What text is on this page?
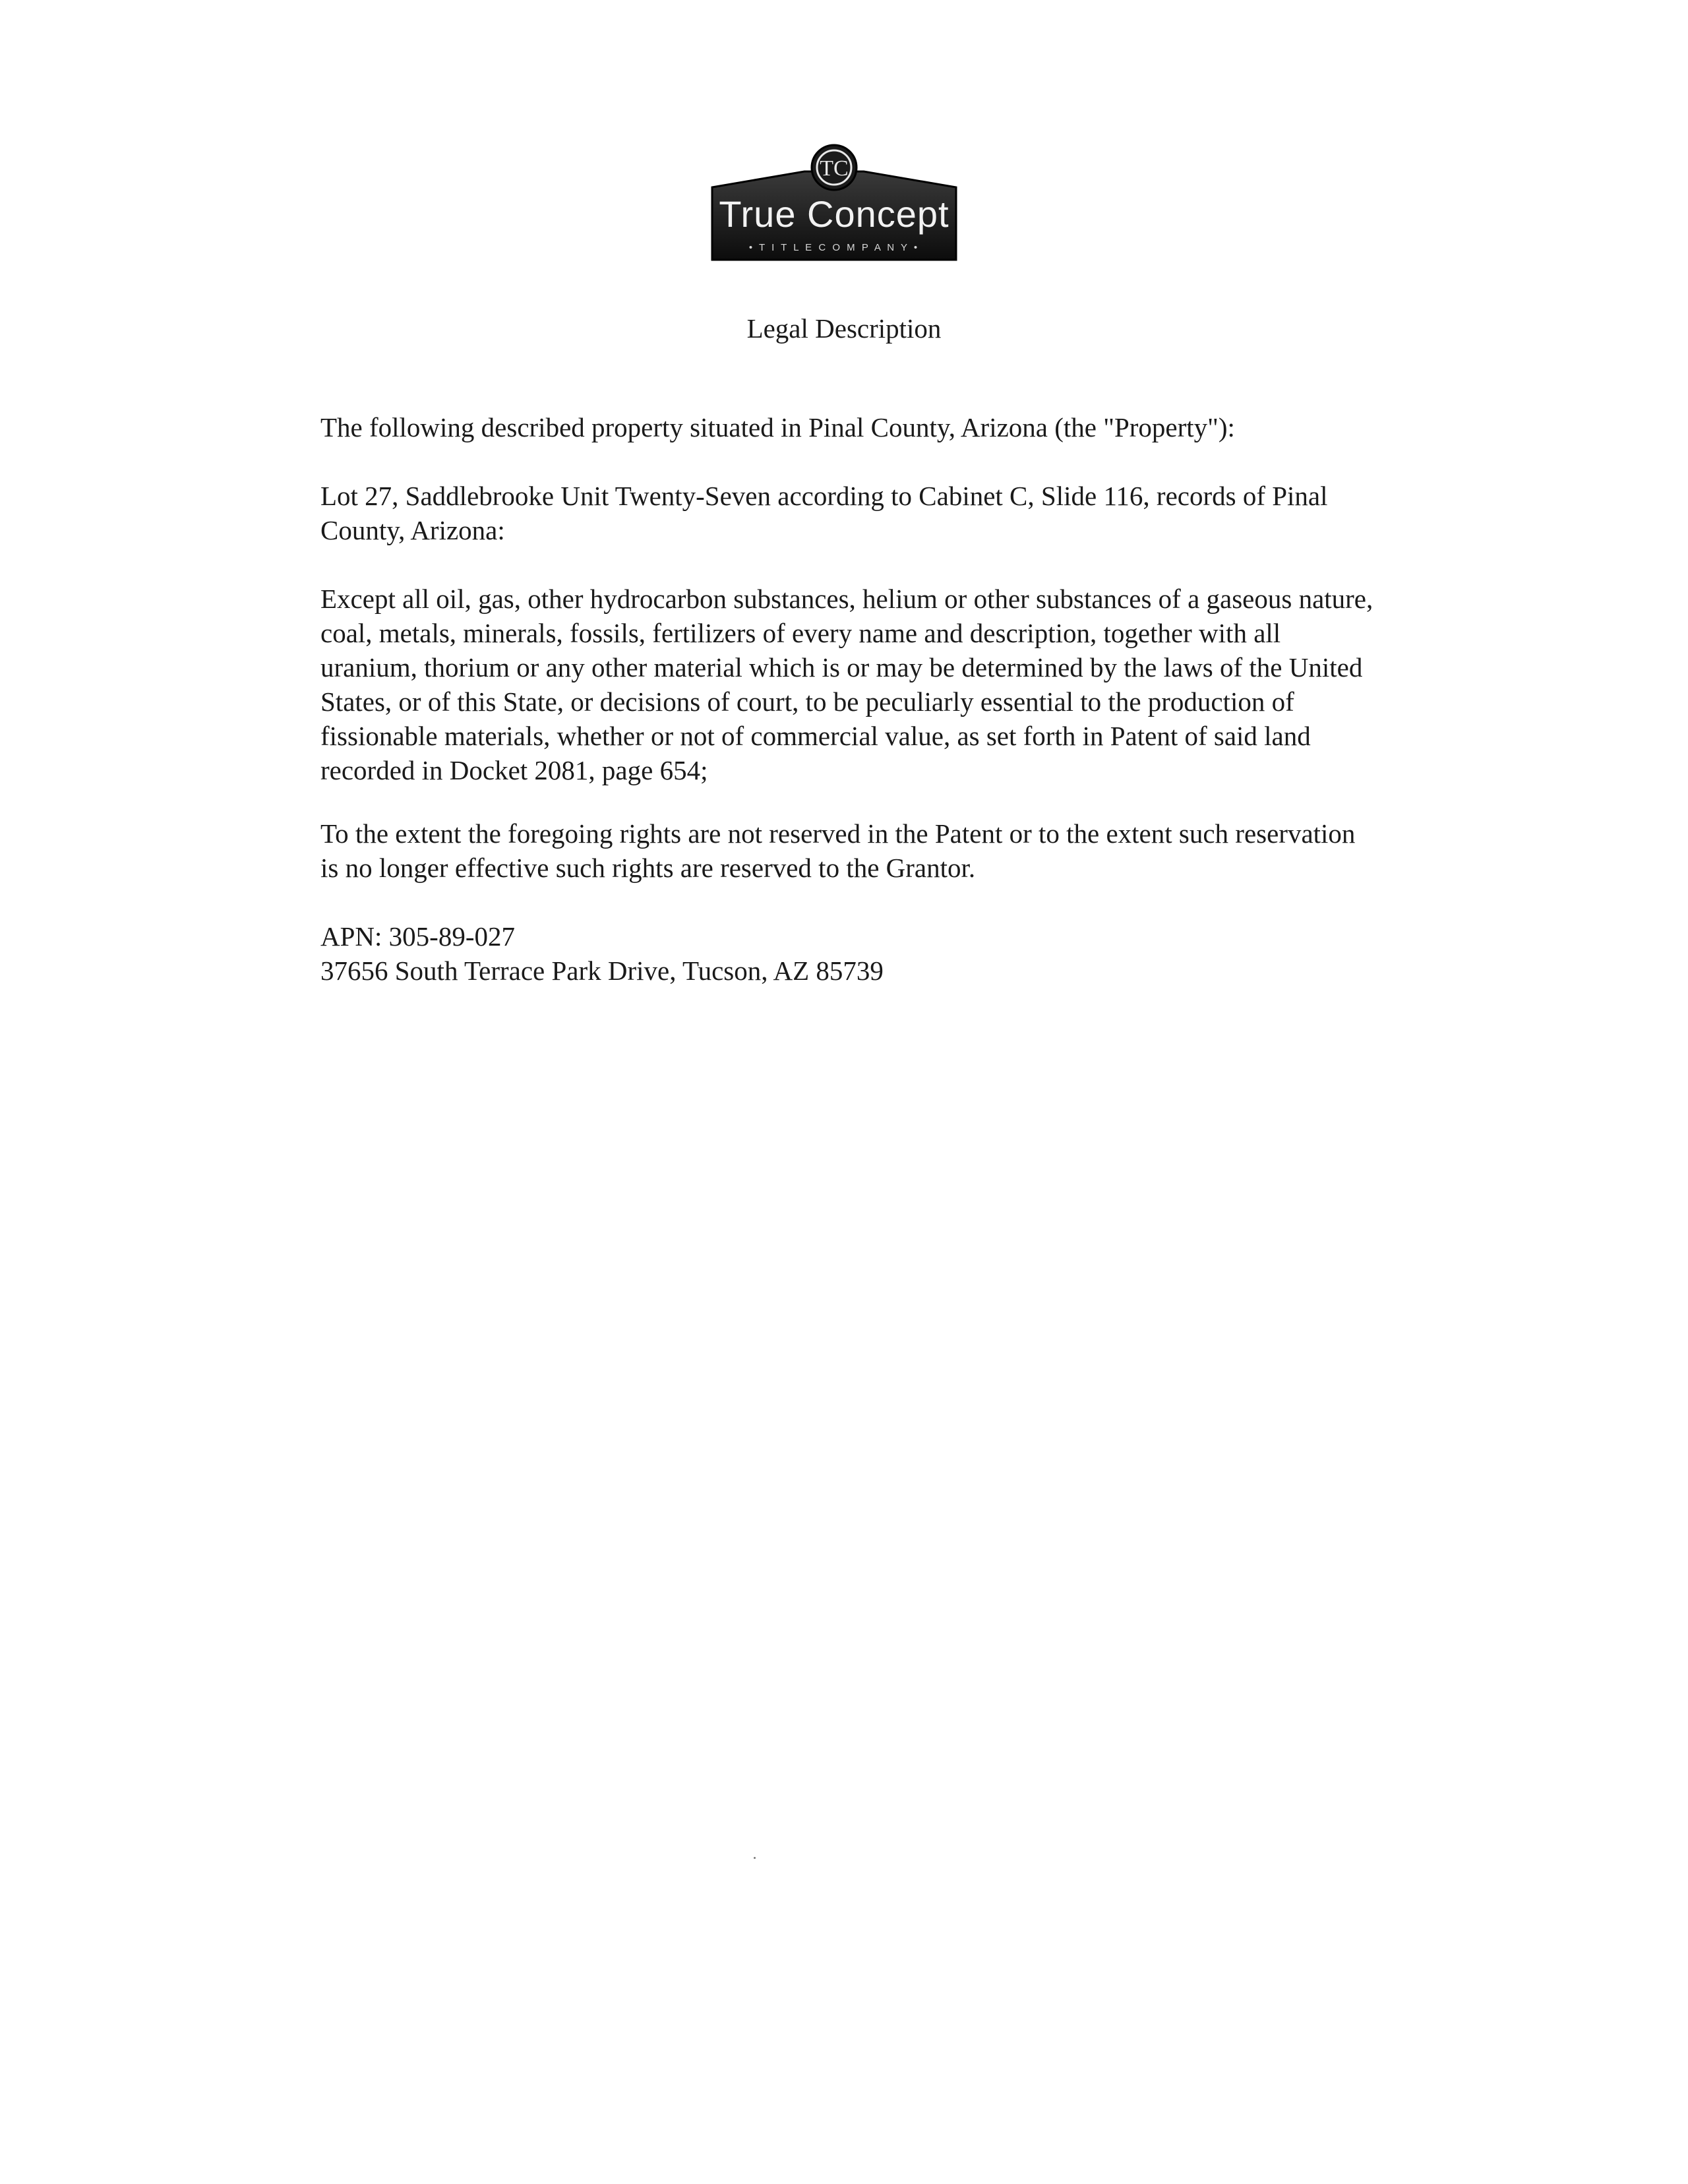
TC
True Concept
• T I T L E C O M P A N Y •
Legal Description

The following described property situated in Pinal County, Arizona (the "Property"):

Lot 27, Saddlebrooke Unit Twenty-Seven according to Cabinet C, Slide 116, records of Pinal County, Arizona:

Except all oil, gas, other hydrocarbon substances, helium or other substances of a gaseous nature, coal, metals, minerals, fossils, fertilizers of every name and description, together with all uranium, thorium or any other material which is or may be determined by the laws of the United States, or of this State, or decisions of court, to be peculiarly essential to the production of fissionable materials, whether or not of commercial value, as set forth in Patent of said land recorded in Docket 2081, page 654;

To the extent the foregoing rights are not reserved in the Patent or to the extent such reservation is no longer effective such rights are reserved to the Grantor.

APN: 305-89-027

37656 South Terrace Park Drive, Tucson, AZ 85739
